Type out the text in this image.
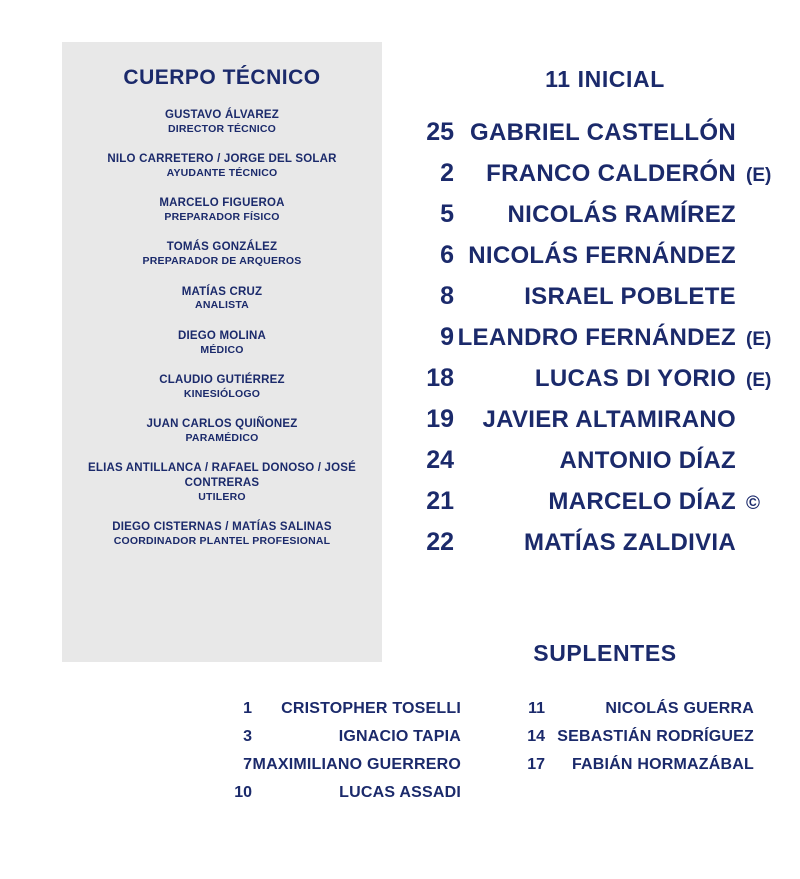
CUERPO TÉCNICO
GUSTAVO ÁLVAREZ
DIRECTOR TÉCNICO
NILO CARRETERO / JORGE DEL SOLAR
AYUDANTE TÉCNICO
MARCELO FIGUEROA
PREPARADOR FÍSICO
TOMÁS GONZÁLEZ
PREPARADOR DE ARQUEROS
MATÍAS CRUZ
ANALISTA
DIEGO MOLINA
MÉDICO
CLAUDIO GUTIÉRREZ
KINESIÓLOGO
JUAN CARLOS QUIÑONEZ
PARAMÉDICO
ELIAS ANTILLANCA / RAFAEL DONOSO / JOSÉ CONTRERAS
UTILERO
DIEGO CISTERNAS / MATÍAS SALINAS
COORDINADOR PLANTEL PROFESIONAL
11 INICIAL
25 GABRIEL CASTELLÓN
2	FRANCO CALDERÓN (E)
5	NICOLÁS RAMÍREZ
6 NICOLÁS FERNÁNDEZ
8	ISRAEL POBLETE
9 LEANDRO FERNÁNDEZ (E)
18	LUCAS DI YORIO (E)
19	JAVIER ALTAMIRANO
24	ANTONIO DÍAZ
21	MARCELO DÍAZ ©
22	MATÍAS ZALDIVIA
SUPLENTES
1	CRISTOPHER TOSELLI
3	IGNACIO TAPIA
7 MAXIMILIANO GUERRERO
10	LUCAS ASSADI
11	NICOLÁS GUERRA
14 SEBASTIÁN RODRÍGUEZ
17	FABIÁN HORMAZÁBAL
